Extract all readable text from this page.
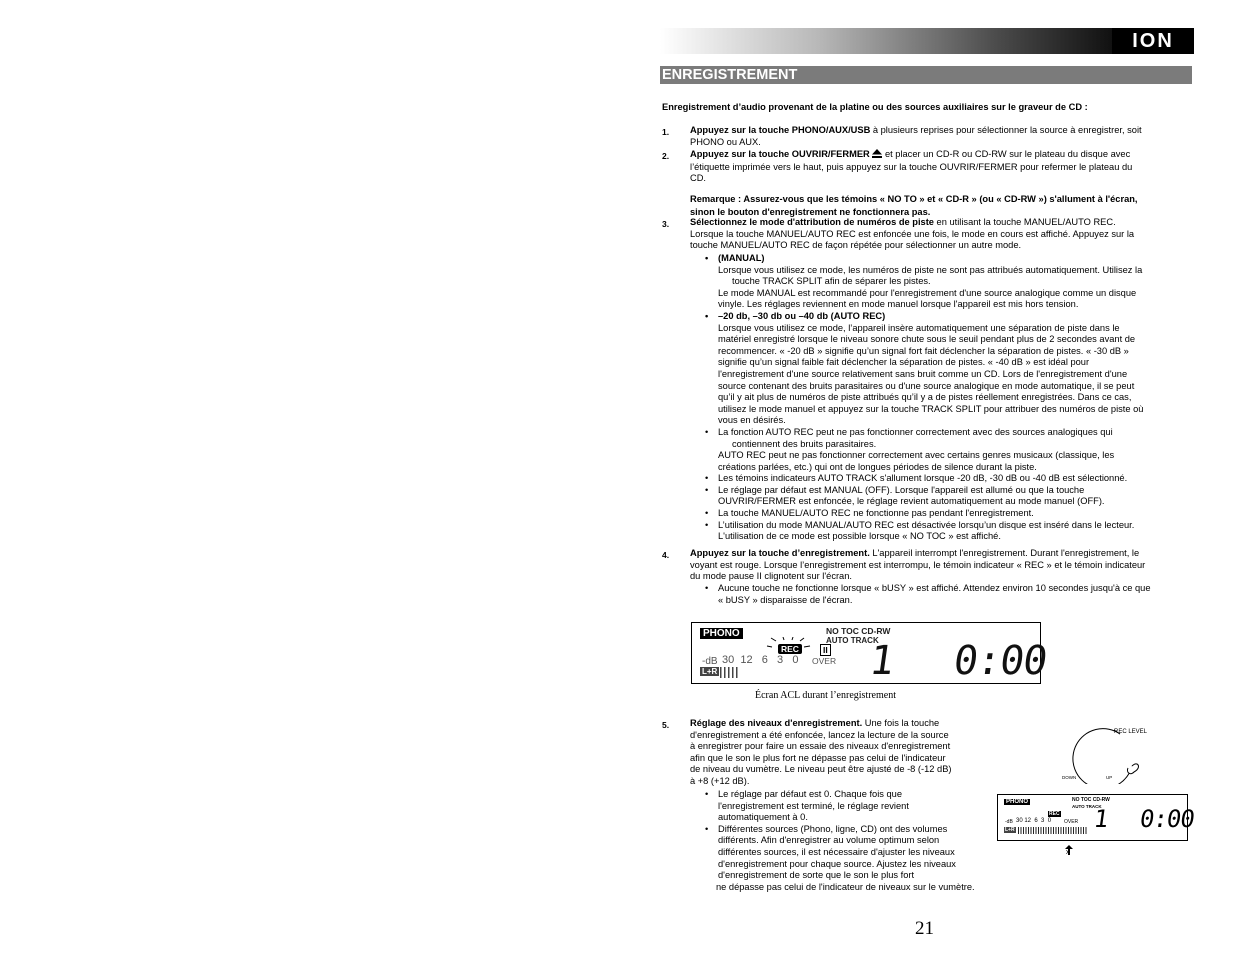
ION
ENREGISTREMENT
Enregistrement d’audio provenant de la platine ou des sources auxiliaires sur le graveur de CD :
1. Appuyez sur la touche PHONO/AUX/USB à plusieurs reprises pour sélectionner la source à enregistrer, soit
PHONO ou AUX.
2. Appuyez sur la touche OUVRIR/FERMER  et placer un CD-R ou CD-RW sur le plateau du disque avec
l’étiquette imprimée vers le haut, puis appuyez sur la touche OUVRIR/FERMER pour refermer le plateau du
CD.
Remarque : Assurez-vous que les témoins « NO TO » et « CD-R » (ou « CD-RW ») s'allument à l'écran,
sinon le bouton d'enregistrement ne fonctionnera pas.
3. Sélectionnez le mode d'attribution de numéros de piste en utilisant la touche MANUEL/AUTO REC.
Lorsque la touche MANUEL/AUTO REC est enfoncée une fois, le mode en cours est affiché. Appuyez sur la
touche MANUEL/AUTO REC de façon répétée pour sélectionner un autre mode.
• (MANUAL)
Lorsque vous utilisez ce mode, les numéros de piste ne sont pas attribués automatiquement. Utilisez la
touche TRACK SPLIT afin de séparer les pistes.
Le mode MANUAL est recommandé pour l'enregistrement d'une source analogique comme un disque
vinyle. Les réglages reviennent en mode manuel lorsque l'appareil est mis hors tension.
• –20 db, –30 db ou –40 db (AUTO REC)
Lorsque vous utilisez ce mode, l’appareil insère automatiquement une séparation de piste dans le
matériel enregistré lorsque le niveau sonore chute sous le seuil pendant plus de 2 secondes avant de
recommencer. « -20 dB » signifie qu’un signal fort fait déclencher la séparation de pistes. « -30 dB »
signifie qu’un signal faible fait déclencher la séparation de pistes. « -40 dB » est idéal pour
l'enregistrement d'une source relativement sans bruit comme un CD. Lors de l'enregistrement d'une
source contenant des bruits parasitaires ou d'une source analogique en mode automatique, il se peut
qu’il y ait plus de numéros de piste attribués qu’il y a de pistes réellement enregistrées. Dans ce cas,
utilisez le mode manuel et appuyez sur la touche TRACK SPLIT pour attribuer des numéros de piste où
vous en désirés.
• La fonction AUTO REC peut ne pas fonctionner correctement avec des sources analogiques qui
contiennent des bruits parasitaires.
AUTO REC peut ne pas fonctionner correctement avec certains genres musicaux (classique, les
créations parlées, etc.) qui ont de longues périodes de silence durant la piste.
• Les témoins indicateurs AUTO TRACK s'allument lorsque -20 dB, -30 dB ou -40 dB est sélectionné.
• Le réglage par défaut est MANUAL (OFF). Lorsque l'appareil est allumé ou que la touche
OUVRIR/FERMER est enfoncée, le réglage revient automatiquement au mode manuel (OFF).
• La touche MANUEL/AUTO REC ne fonctionne pas pendant l'enregistrement.
• L’utilisation du mode MANUAL/AUTO REC est désactivée lorsqu’un disque est inséré dans le lecteur.
L'utilisation de ce mode est possible lorsque « NO TOC » est affiché.
4. Appuyez sur la touche d’enregistrement. L'appareil interrompt l'enregistrement. Durant l'enregistrement, le
voyant est rouge. Lorsque l’enregistrement est interrompu, le témoin indicateur « REC » et le témoin indicateur
du mode pause II clignotent sur l'écran.
• Aucune touche ne fonctionne lorsque « bUSY » est affiché. Attendez environ 10 secondes jusqu'à ce que
« bUSY » disparaisse de l'écran.
PHONO	NO TOC CD-RW
AUTO TRACK
REC	II
-dB 30  12   6   3   0 OVER
L+R	1 0:00
Écran ACL durant l’enregistrement
5. Réglage des niveaux d'enregistrement. Une fois la touche
d'enregistrement a été enfoncée, lancez la lecture de la source
à enregistrer pour faire un essaie des niveaux d'enregistrement
afin que le son le plus fort ne dépasse pas celui de l'indicateur
de niveau du vumètre. Le niveau peut être ajusté de -8 (-12 dB)
à +8 (+12 dB).
• Le réglage par défaut est 0. Chaque fois que
l'enregistrement est terminé, le réglage revient
automatiquement à 0.
• Différentes sources (Phono, ligne, CD) ont des volumes
différents. Afin d'enregistrer au volume optimum selon
différentes sources, il est nécessaire d'ajuster les niveaux
d'enregistrement pour chaque source. Ajustez les niveaux
d'enregistrement de sorte que le son le plus fort
ne dépasse pas celui de l'indicateur de niveaux sur le vumètre.
REC LEVEL
DOWN	UP
PHONO	NO TOC CD-RW
AUTO TRACK
REC
-dB 30 12  6  3  0	OVER
L+R	1 0:00
x
21
